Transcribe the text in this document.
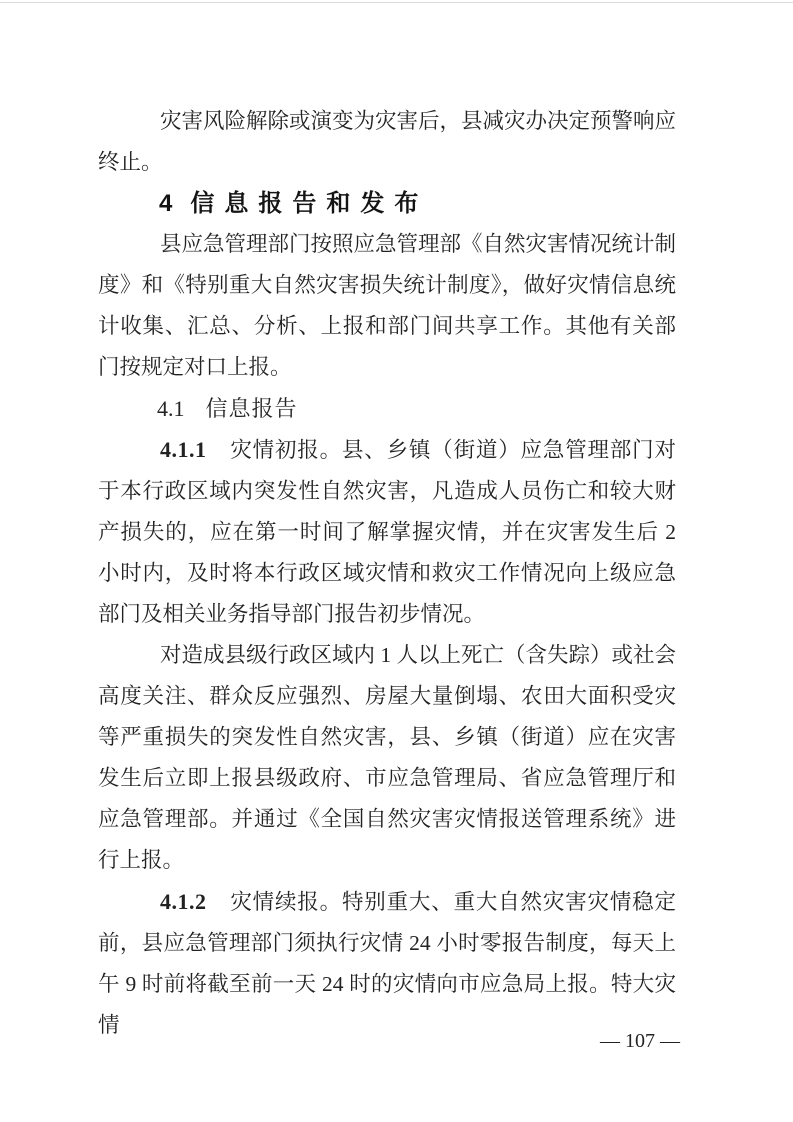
灾害风险解除或演变为灾害后，县减灾办决定预警响应终止。

4 信息报告和发布

县应急管理部门按照应急管理部《自然灾害情况统计制度》和《特别重大自然灾害损失统计制度》，做好灾情信息统计收集、汇总、分析、上报和部门间共享工作。其他有关部门按规定对口上报。

4.1 信息报告

4.1.1 灾情初报。县、乡镇（街道）应急管理部门对于本行政区域内突发性自然灾害，凡造成人员伤亡和较大财产损失的，应在第一时间了解掌握灾情，并在灾害发生后 2 小时内，及时将本行政区域灾情和救灾工作情况向上级应急部门及相关业务指导部门报告初步情况。

对造成县级行政区域内 1 人以上死亡（含失踪）或社会高度关注、群众反应强烈、房屋大量倒塌、农田大面积受灾等严重损失的突发性自然灾害，县、乡镇（街道）应在灾害发生后立即上报县级政府、市应急管理局、省应急管理厅和应急管理部。并通过《全国自然灾害灾情报送管理系统》进行上报。

4.1.2 灾情续报。特别重大、重大自然灾害灾情稳定前，县应急管理部门须执行灾情 24 小时零报告制度，每天上午 9 时前将截至前一天 24 时的灾情向市应急局上报。特大灾情

— 107 —
